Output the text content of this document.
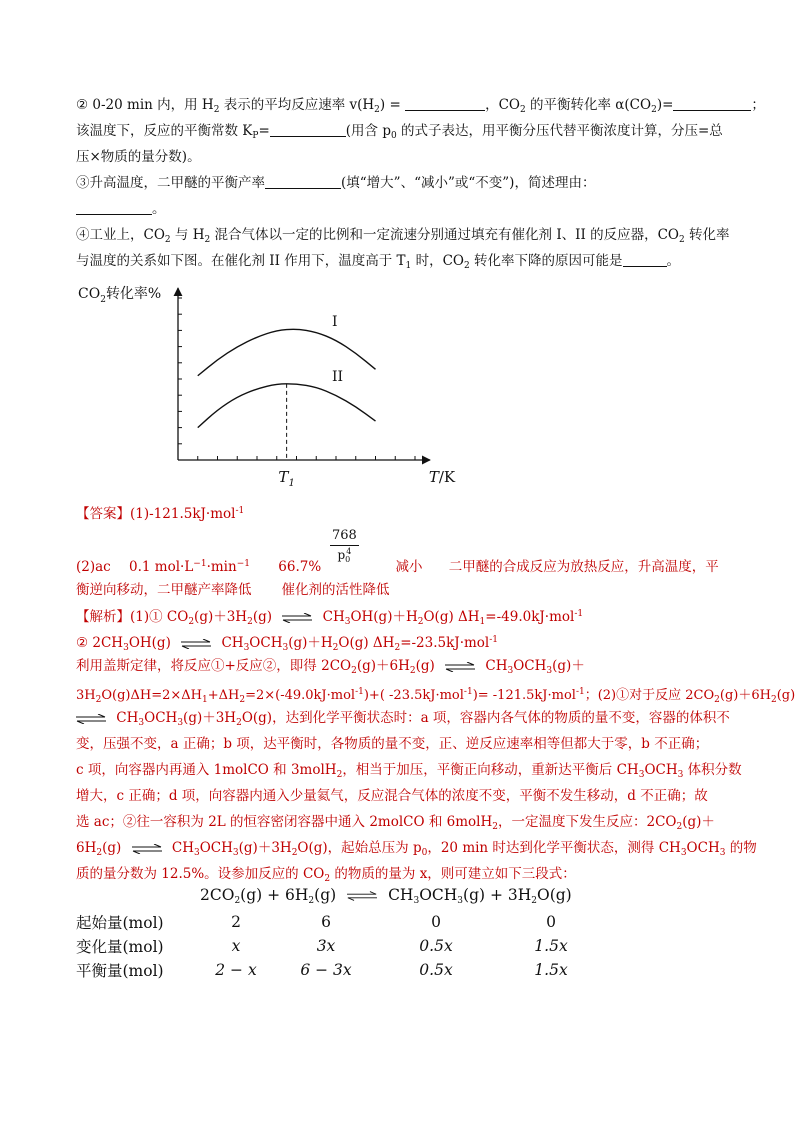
② 0-20 min 内，用 $H_2$ 表示的平均反应速率 $v(H_2)$ =	，$CO_2$ 的平衡转化率 $\alpha(CO_2)=$	；
该温度下，反应的平衡常数 $K_P=$	(用含 $p_0$ 的式子表达，用平衡分压代替平衡浓度计算，分压=总
压×物质的量分数)。
③升高温度，二甲醚的平衡产率	(填“增大”、“减小”或“不变”)，简述理由：
。
④工业上，$CO_2$ 与 $H_2$ 混合气体以一定的比例和一定流速分别通过填充有催化剂 I、II 的反应器，$CO_2$ 转化率
与温度的关系如下图。在催化剂 II 作用下，温度高于 $T_1$ 时，$CO_2$ 转化率下降的原因可能是	。
$CO_2$转化率%
I
II
$T_1$	T/K
【答案】(1)-121.5kJ·mol$^{-1}$
$\frac{768}{p_0^4}$
(2)ac 0.1 $mol\cdot L^{-1}\cdot\min^{-1}$ 66.7%	减小 二甲醚的合成反应为放热反应，升高温度，平
衡逆向移动，二甲醚产率降低 催化剂的活性降低
【解析】(1)① $CO_2(g)+3H_2(g)$ ⇌ $CH_3OH(g)+H_2O(g)$ $\Delta H_1=-49.0kJ\cdot mol^{-1}$
② $2CH_3OH(g)$ ⇌ $CH_3OCH_3(g)+H_2O(g)$ $\Delta H_2=-23.5kJ\cdot mol^{-1}$
利用盖斯定律，将反应①+反应②，即得 $2CO_2(g)+6H_2(g)$ ⇌ $CH_3OCH_3(g)+$
$3H_2O(g)\Delta H=2\times\Delta H_1+\Delta H_2=2\times(-49.0kJ\cdot mol^{-1})+$( -23.5kJ·mol$^{-1}$)= -121.5kJ·mol$^{-1}$；(2)①对于反应 $2CO_2(g)+6H_2(g)$
⇌ $CH_3OCH_3(g)+3H_2O(g)$，达到化学平衡状态时：a 项，容器内各气体的物质的量不变，容器的体积不
变，压强不变，a 正确；b 项，达平衡时，各物质的量不变，正、逆反应速率相等但都大于零，b 不正确；
c 项，向容器内再通入 1molCO 和 3molH$_2$，相当于加压，平衡正向移动，重新达平衡后 $CH_3OCH_3$ 体积分数
增大，c 正确；d 项，向容器内通入少量氦气，反应混合气体的浓度不变，平衡不发生移动，d 不正确；故
选 ac；②往一容积为 2L 的恒容密闭容器中通入 2molCO 和 6molH$_2$，一定温度下发生反应：$2CO_2(g)+$
$6H_2(g)$ ⇌ $CH_3OCH_3(g)+3H_2O(g)$，起始总压为 $p_0$，20 min 时达到化学平衡状态，测得 $CH_3OCH_3$ 的物
质的量分数为 12.5%。设参加反应的 $CO_2$ 的物质的量为 x，则可建立如下三段式：
$2CO_2(g) + 6H_2(g)$ ⇌ $CH_3OCH_3(g) + 3H_2O(g)$
起始量(mol)	2	6	0	0
变化量(mol)	x	3x	0.5x	1.5x
平衡量(mol)	2 − x	6 − 3x	0.5x	1.5x
